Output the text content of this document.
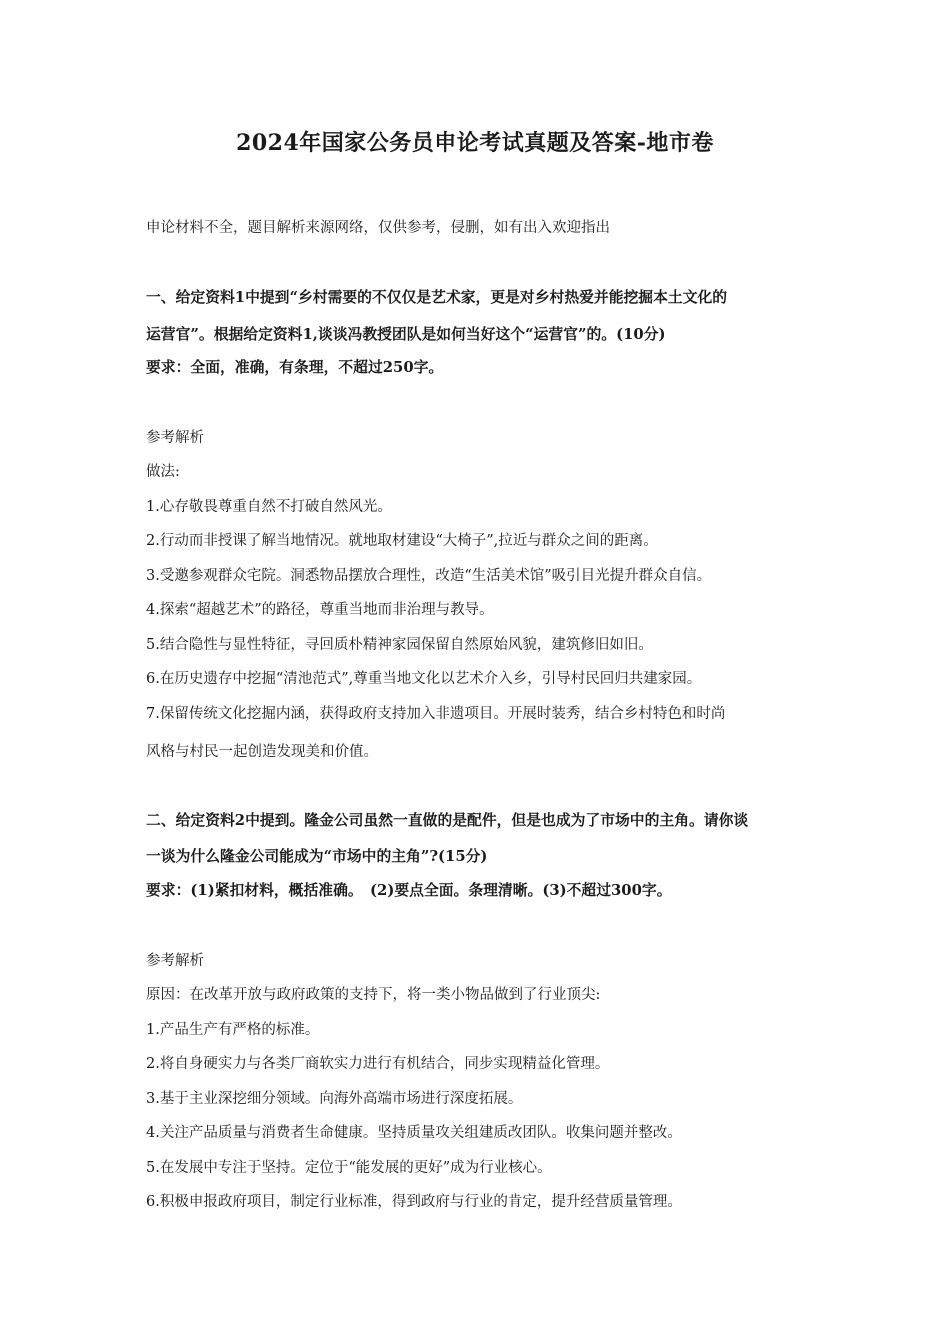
2024年国家公务员申论考试真题及答案-地市卷
申论材料不全，题目解析来源网络，仅供参考，侵删，如有出入欢迎指出
一、给定资料1中提到“乡村需要的不仅仅是艺术家，更是对乡村热爱并能挖掘本土文化的
运营官”。根据给定资料1,谈谈冯教授团队是如何当好这个“运营官”的。(10分)
要求：全面，准确，有条理，不超过250字。
参考解析
做法:
1.心存敬畏尊重自然不打破自然风光。
2.行动而非授课了解当地情况。就地取材建设“大椅子”,拉近与群众之间的距离。
3.受邀参观群众宅院。洞悉物品摆放合理性，改造“生活美术馆”吸引目光提升群众自信。
4.探索“超越艺术”的路径，尊重当地而非治理与教导。
5.结合隐性与显性特征，寻回质朴精神家园保留自然原始风貌，建筑修旧如旧。
6.在历史遗存中挖掘“清池范式”,尊重当地文化以艺术介入乡，引导村民回归共建家园。
7.保留传统文化挖掘内涵，获得政府支持加入非遗项目。开展时装秀，结合乡村特色和时尚
风格与村民一起创造发现美和价值。
二、给定资料2中提到。隆金公司虽然一直做的是配件，但是也成为了市场中的主角。请你谈
一谈为什么隆金公司能成为“市场中的主角”?(15分)
要求：(1)紧扣材料，概括准确。　(2)要点全面。条理清晰。(3)不超过300字。
参考解析
原因：在改革开放与政府政策的支持下，将一类小物品做到了行业顶尖:
1.产品生产有严格的标准。
2.将自身硬实力与各类厂商软实力进行有机结合，同步实现精益化管理。
3.基于主业深挖细分领域。向海外高端市场进行深度拓展。
4.关注产品质量与消费者生命健康。坚持质量攻关组建质改团队。收集问题并整改。
5.在发展中专注于坚持。定位于“能发展的更好”成为行业核心。
6.积极申报政府项目，制定行业标准，得到政府与行业的肯定，提升经营质量管理。
